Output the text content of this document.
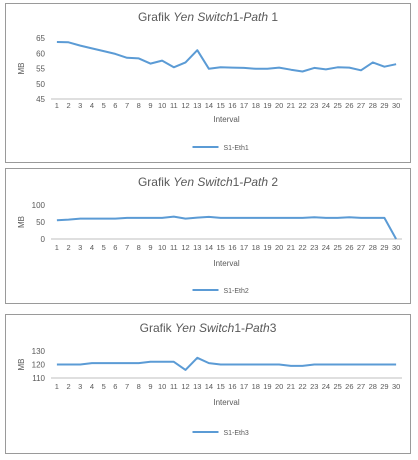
Grafik Yen Switch1-Path 1
45
50
55
60
65
MB
1 2 3 4 5 6 7 8 9 10 11 12 13 14 15 16 17 18 19 20 21 22 23 24 25 26 27 28 29 30
Interval
S1-Eth1
Grafik Yen Switch1-Path 2
0
50
100
MB
1 2 3 4 5 6 7 8 9 10 11 12 13 14 15 16 17 18 19 20 21 22 23 24 25 26 27 28 29 30
Interval
S1-Eth2
Grafik Yen Switch1-Path3
110
120
130
MB
1 2 3 4 5 6 7 8 9 10 11 12 13 14 15 16 17 18 19 20 21 22 23 24 25 26 27 28 29 30
Interval
S1-Eth3
